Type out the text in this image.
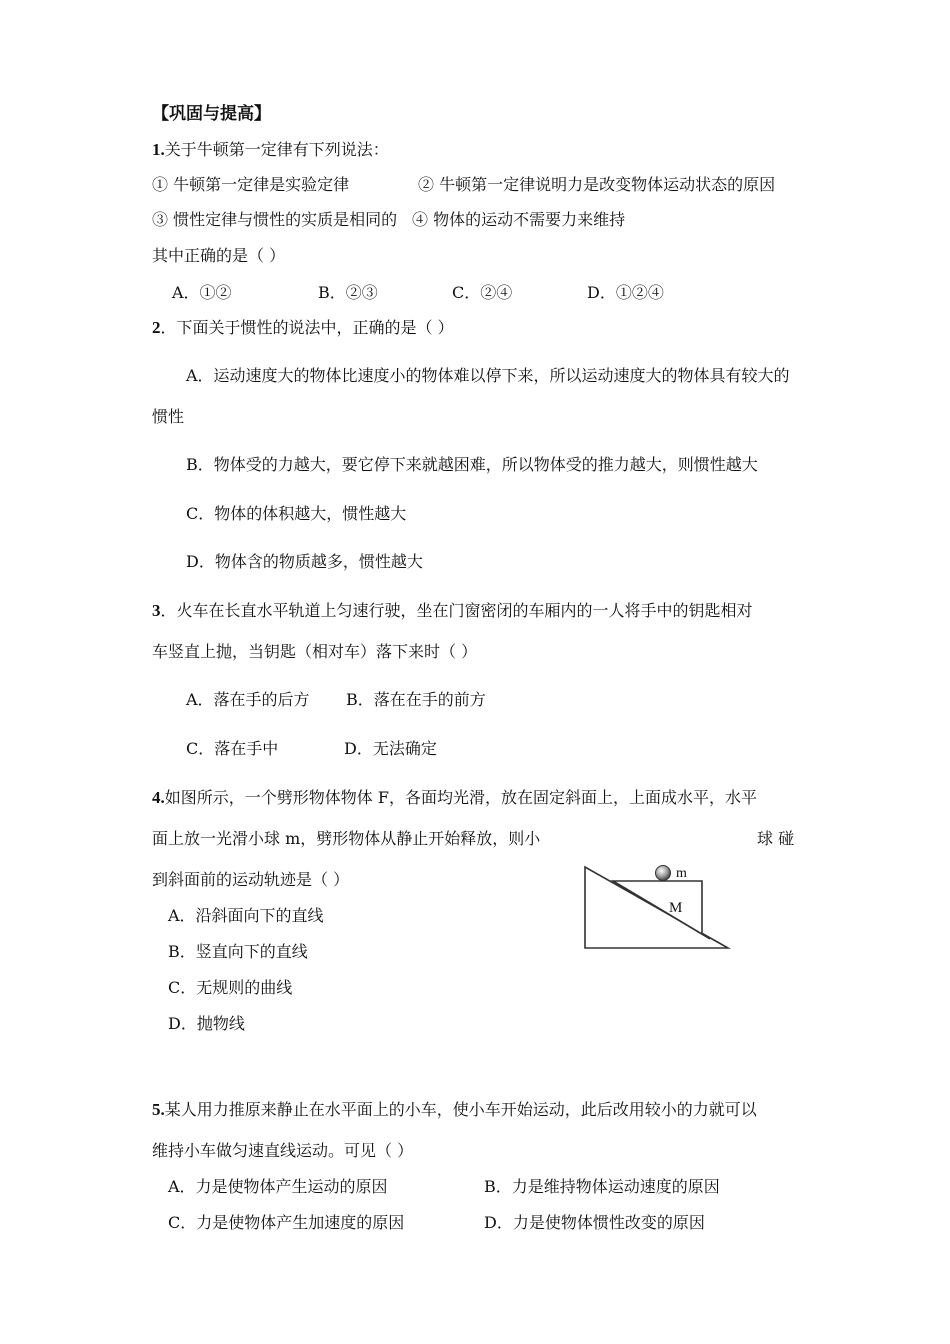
【巩固与提高】
1.关于牛顿第一定律有下列说法：
① 牛顿第一定律是实验定律	② 牛顿第一定律说明力是改变物体运动状态的原因
③ 惯性定律与惯性的实质是相同的 ④ 物体的运动不需要力来维持
其中正确的是（ ）
A．①②	B．②③	C．②④	D．①②④
2．下面关于惯性的说法中，正确的是（ ）
A．运动速度大的物体比速度小的物体难以停下来，所以运动速度大的物体具有较大的
惯性
B．物体受的力越大，要它停下来就越困难，所以物体受的推力越大，则惯性越大
C．物体的体积越大，惯性越大
D．物体含的物质越多，惯性越大
3．火车在长直水平轨道上匀速行驶，坐在门窗密闭的车厢内的一人将手中的钥匙相对
车竖直上抛，当钥匙（相对车）落下来时（ ）
A．落在手的后方 B．落在在手的前方
C．落在手中	D．无法确定
4.如图所示，一个劈形物体物体 F，各面均光滑，放在固定斜面上，上面成水平，水平
面上放一光滑小球 m，劈形物体从静止开始释放，则小	球 碰
到斜面前的运动轨迹是（ ）
A．沿斜面向下的直线
B．竖直向下的直线
C．无规则的曲线
D．抛物线
m
M
5.某人用力推原来静止在水平面上的小车，使小车开始运动，此后改用较小的力就可以
维持小车做匀速直线运动。可见（ ）
A．力是使物体产生运动的原因	B．力是维持物体运动速度的原因
C．力是使物体产生加速度的原因	D．力是使物体惯性改变的原因
